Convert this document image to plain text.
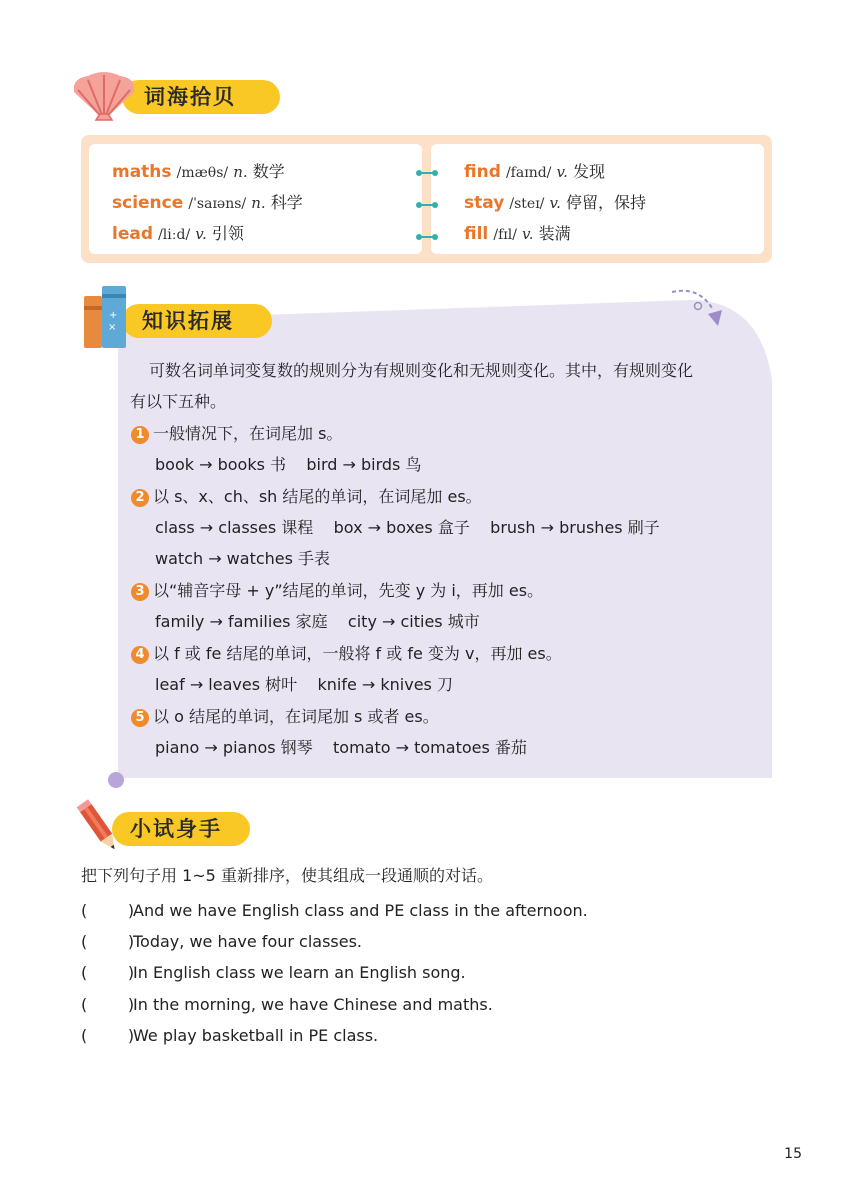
词海拾贝
maths /mæθs/ n. 数学
science /ˈsaɪəns/ n. 科学
lead /liːd/ v. 引领
find /faɪnd/ v. 发现
stay /steɪ/ v. 停留，保持
fill /fɪl/ v. 装满
知识拓展
+
×
可数名词单词变复数的规则分为有规则变化和无规则变化。其中，有规则变化
有以下五种。
1 一般情况下，在词尾加 s。
book → books 书    bird → birds 鸟
2 以 s、x、ch、sh 结尾的单词，在词尾加 es。
class → classes 课程    box → boxes 盒子    brush → brushes 刷子
watch → watches 手表
3 以“辅音字母 + y”结尾的单词，先变 y 为 i，再加 es。
family → families 家庭    city → cities 城市
4 以 f 或 fe 结尾的单词，一般将 f 或 fe 变为 v，再加 es。
leaf → leaves 树叶    knife → knives 刀
5 以 o 结尾的单词，在词尾加 s 或者 es。
piano → pianos 钢琴    tomato → tomatoes 番茄
小试身手
把下列句子用 1~5 重新排序，使其组成一段通顺的对话。
(        )And we have English class and PE class in the afternoon.
(        )Today, we have four classes.
(        )In English class we learn an English song.
(        )In the morning, we have Chinese and maths.
(        )We play basketball in PE class.
15
